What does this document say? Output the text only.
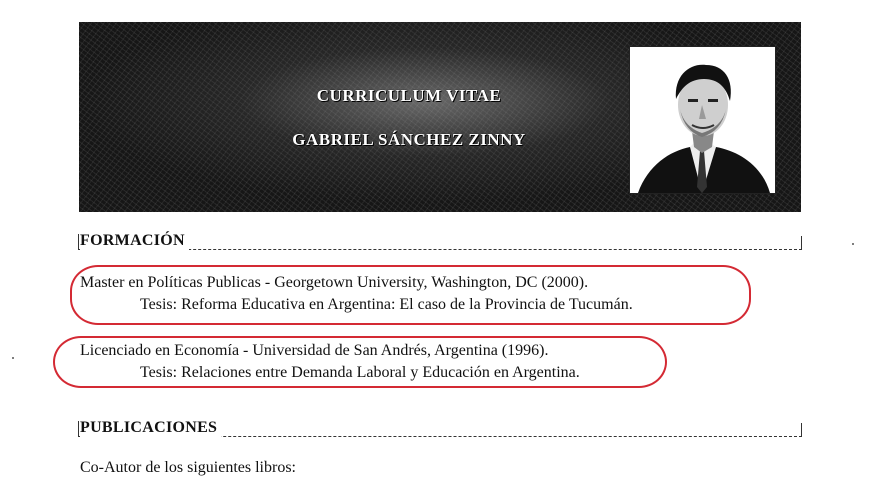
CURRICULUM VITAE
GABRIEL SÁNCHEZ ZINNY
FORMACIÓN
Master en Políticas Publicas - Georgetown University, Washington, DC (2000).
Tesis: Reforma Educativa en Argentina: El caso de la Provincia de Tucumán.
Licenciado en Economía - Universidad de San Andrés, Argentina (1996).
Tesis: Relaciones entre Demanda Laboral y Educación en Argentina.
PUBLICACIONES
Co-Autor de los siguientes libros:
